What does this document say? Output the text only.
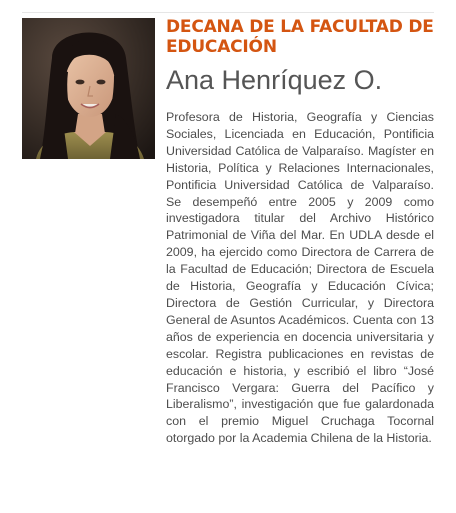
DECANA DE LA FACULTAD DE EDUCACIÓN
Ana Henríquez O.

Profesora de Historia, Geografía y Ciencias Sociales, Licenciada en Educación, Pontificia Universidad Católica de Valparaíso. Magíster en Historia, Política y Relaciones Internacionales, Pontificia Universidad Católica de Valparaíso. Se desempeñó entre 2005 y 2009 como investigadora titular del Archivo Histórico Patrimonial de Viña del Mar. En UDLA desde el 2009, ha ejercido como Directora de Carrera de la Facultad de Educación; Directora de Escuela de Historia, Geografía y Educación Cívica; Directora de Gestión Curricular, y Directora General de Asuntos Académicos. Cuenta con 13 años de experiencia en docencia universitaria y escolar. Registra publicaciones en revistas de educación e historia, y escribió el libro “José Francisco Vergara: Guerra del Pacífico y Liberalismo”, investigación que fue galardonada con el premio Miguel Cruchaga Tocornal otorgado por la Academia Chilena de la Historia.
